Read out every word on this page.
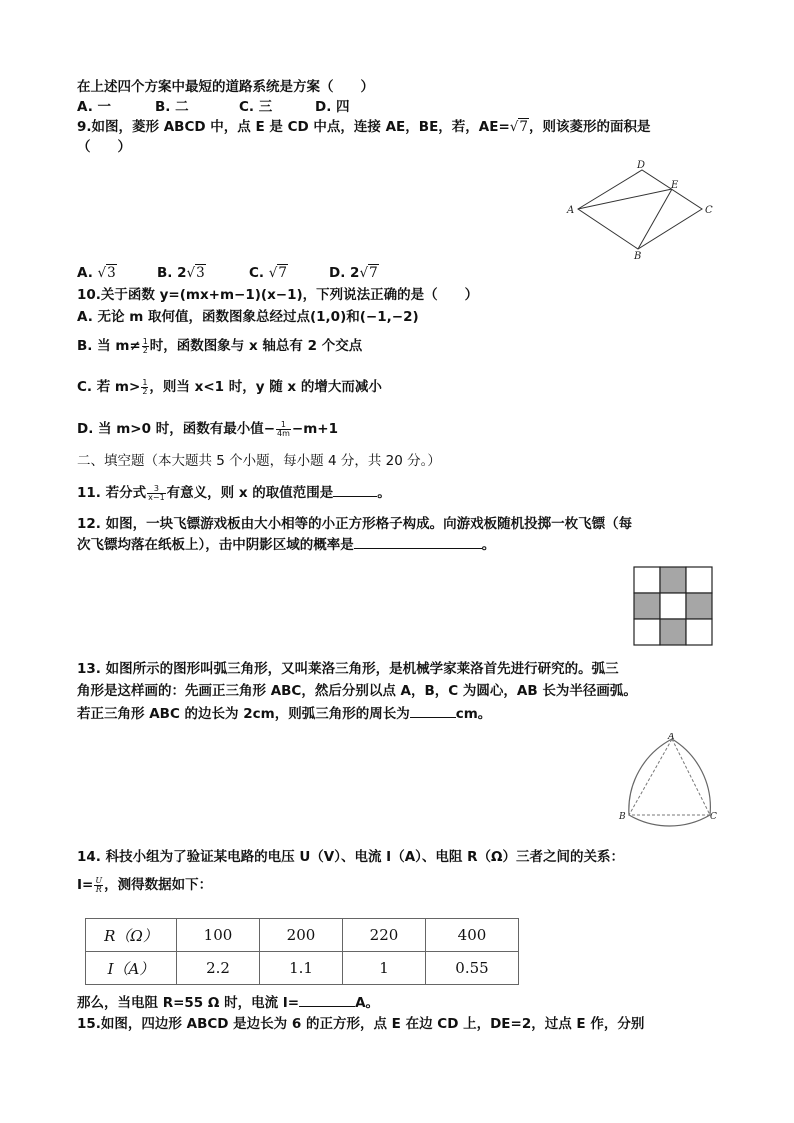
在上述四个方案中最短的道路系统是方案（　　）
A. 一	B. 二	C. 三	D. 四
9.如图，菱形 ABCD 中，点 E 是 CD 中点，连接 AE，BE，若，AE=√7，则该菱形的面积是
（　　）
A
D
E
C
B
A. √3	B. 2√3	C. √7	D. 2√7
10.关于函数 y=(mx+m−1)(x−1)，下列说法正确的是（　　）
A. 无论 m 取何值，函数图象总经过点(1,0)和(−1,−2)
B. 当 $m\ne \frac{1}{2}$ 时，函数图象与 x 轴总有 2 个交点
C. 若 $m> \frac{1}{2}$ ，则当 x<1 时，y 随 x 的增大而减小
D. 当 m>0 时，函数有最小值− $\frac{1}{4m} -m+1$
二、填空题（本大题共 5 个小题，每小题 4 分，共 20 分。）
11. 若分式 $\frac{3}{x-1}$ 有意义，则 x 的取值范围是	。
12. 如图，一块飞镖游戏板由大小相等的小正方形格子构成。向游戏板随机投掷一枚飞镖（每
次飞镖均落在纸板上），击中阴影区域的概率是	。
13. 如图所示的图形叫弧三角形，又叫莱洛三角形，是机械学家莱洛首先进行研究的。弧三
角形是这样画的：先画正三角形 ABC，然后分别以点 A，B，C 为圆心，AB 长为半径画弧。
若正三角形 ABC 的边长为 2cm，则弧三角形的周长为	cm。
A
B	C
14. 科技小组为了验证某电路的电压 U（V）、电流 I（A）、电阻 R（Ω）三者之间的关系：
$I= \frac{U}{R}$ ，测得数据如下：
R（Ω）	100	200	220	400
I（A）	2.2	1.1	1	0.55
那么，当电阻 R=55 Ω 时，电流 I=	A。
15.如图，四边形 ABCD 是边长为 6 的正方形，点 E 在边 CD 上，DE=2，过点 E 作，分别
